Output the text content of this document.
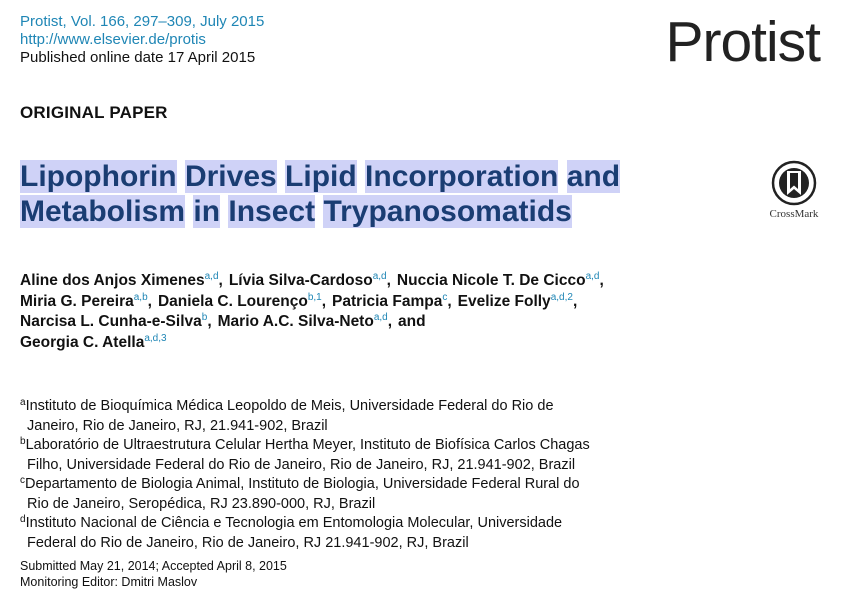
Protist, Vol. 166, 297–309, July 2015
http://www.elsevier.de/protis
Published online date 17 April 2015	Protist
ORIGINAL PAPER
Lipophorin Drives Lipid Incorporation and
Metabolism in Insect Trypanosomatids	CrossMark
Aline dos Anjos Ximenes$^{a,d}$, Lívia Silva-Cardoso$^{a,d}$, Nuccia Nicole T. De Cicco$^{a,d}$,
Miria G. Pereira$^{a,b}$, Daniela C. Lourenço$^{b,1}$, Patricia Fampa$^c$, Evelize Folly$^{a,d,2}$,
Narcisa L. Cunha-e-Silva$^b$, Mario A.C. Silva-Neto$^{a,d}$, and
Georgia C. Atella$^{a,d,3}$
$^a$Instituto de Bioquímica Médica Leopoldo de Meis, Universidade Federal do Rio de
Janeiro, Rio de Janeiro, RJ, 21.941-902, Brazil
$^b$Laboratório de Ultraestrutura Celular Hertha Meyer, Instituto de Biofísica Carlos Chagas
Filho, Universidade Federal do Rio de Janeiro, Rio de Janeiro, RJ, 21.941-902, Brazil
$^c$Departamento de Biologia Animal, Instituto de Biologia, Universidade Federal Rural do
Rio de Janeiro, Seropédica, RJ 23.890-000, RJ, Brazil
$^d$Instituto Nacional de Ciência e Tecnologia em Entomologia Molecular, Universidade
Federal do Rio de Janeiro, Rio de Janeiro, RJ 21.941-902, RJ, Brazil
Submitted May 21, 2014; Accepted April 8, 2015
Monitoring Editor: Dmitri Maslov
